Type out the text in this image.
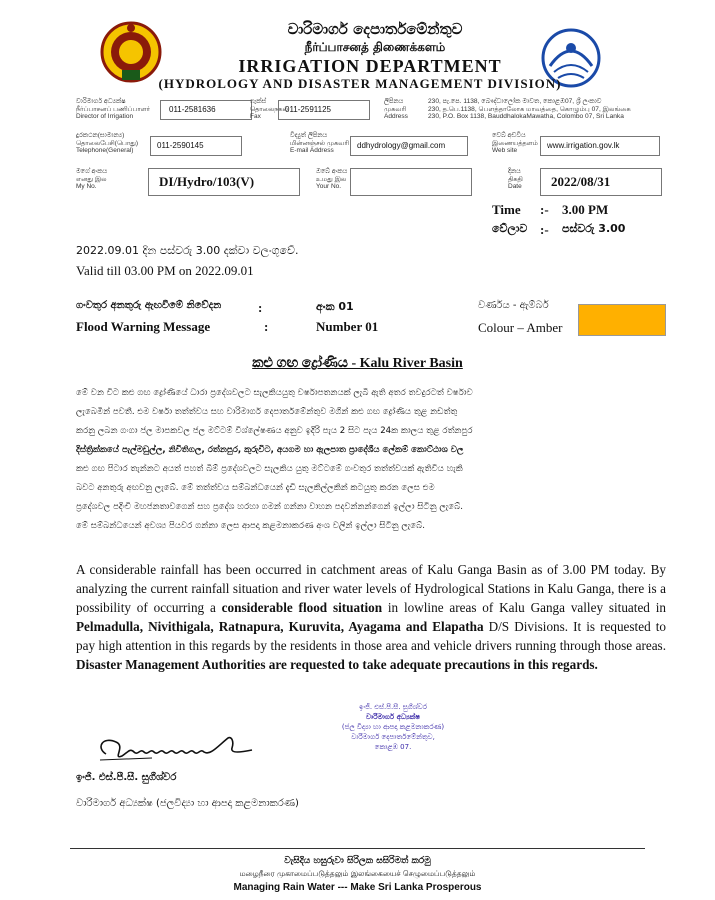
වාරිමාර්ග දෙපාර්තමේන්තුව
நீர்ப்பாசனத் திணைக்களம்
IRRIGATION DEPARTMENT
(HYDROLOGY AND DISASTER MANAGEMENT DIVISION)
වාරිමාර්ග අධ්‍යක්ෂ
நீர்ப்பாசனப் பணிப்பாளர்
Director of Irrigation
011-2581636
ෆැක්ස්
தொலைநகல்
Fax
011-2591125
ලිපිනය
முகவரி
Address
230, පැ.පෙ. 1138, බෞද්ධාලෝක මාවත, කොළඹ07, ශ්‍රී ලංකාව
230, த.பெ.1138, பௌத்தாலோக மாவத்தை, கொழும்பு 07, இலங்கை
230, P.O. Box 1138, BauddhalokaMawatha, Colombo 07, Sri Lanka
දුරකථන(සාමාන්‍ය)
தொலைபேசி(பொது)
Telephone(General)
011-2590145
විද්‍යුත් ලිපිනය
மின்னஞ்சல் முகவரி
E-mail Address
ddhydrology@gmail.com
වෙබ් අඩවිය
இணையத்தளம்
Web site
www.irrigation.gov.lk
මගේ අංකය
எனது இல
My No.	DI/Hydro/103(V)
ඔබේ අංකය
உமது இல
Your No.
දිනය
திகதி
Date	2022/08/31
Time :- 3.00 PM
වේලාව :- පස්වරු 3.00
2022.09.01 දින පස්වරු 3.00 දක්වා වලංගුවේ.
Valid till 03.00 PM on 2022.09.01
ගංවතුර අනතුරු ඇඟවීමේ නිවේදන	:	අංක 01	වර්ණය - ඇම්බර්
Flood Warning Message	:	Number 01	Colour – Amber
කළු ගඟ ද්‍රෝණිය - Kalu River Basin
මේ වන විට කළු ගඟ ද්‍රෝණියේ ධාරා ප්‍රදේශවලට සැලකියයුතු වර්ෂාපතනයක් ලැබී ඇති අතර තවදුරටත් වර්ෂාව
ලැබෙමින් පවතී. එම වර්ෂා තත්ත්වය සහ වාරිමාර්ග දෙපාර්තමේන්තුව මගින් කළු ගඟ ද්‍රෝණිය තුළ නඩත්තු
කරනු ලබන ගංගා ජල මාපකවල ජල මට්ටම් විශ්ලේෂණය අනුව ඉදිරි පැය 2 සිට පැය 24ක කාලය තුළ රත්නපුර
දිස්ත්‍රික්කයේ පැල්මඩුල්ල, නිවිතිගල, රත්නපුර, කුරුවිට, අයගම හා ඇලපාත ප්‍රාදේශීය ලේකම් කොට්ඨාශ වල
කළු ගඟ පිටාර තැන්නට අයත් පහත් බිම් ප්‍රදේශවලට සැලකිය යුතු මට්ටමේ ගංවතුර තත්ත්වයක් ඇතිවිය හැකි
බවට අනතුරු අඟවනු ලැබේ. මේ තත්ත්වය සම්බන්ධයෙන් දැඩි සැලකිල්ලකින් කටයුතු කරන ලෙස එම
ප්‍රදේශවල පදිංචි මහජනතාවගෙන් සහ ප්‍රදේශ හරහා ගමන් ගන්නා වාහන පදවන්නන්ගෙන් ඉල්ලා සිටිනු ලැබේ.
මේ සම්බන්ධයෙන් අවශ්‍ය පියවර ගන්නා ලෙස ආපදා කළමනාකරණ අංශ වලින් ඉල්ලා සිටිනු ලැබේ.
A considerable rainfall has been occurred in catchment areas of Kalu Ganga Basin as of 3.00 PM today. By analyzing the current rainfall situation and river water levels of Hydrological Stations in Kalu Ganga, there is a possibility of occurring a considerable flood situation in lowline areas of Kalu Ganga valley situated in Pelmadulla, Nivithigala, Ratnapura, Kuruvita, Ayagama and Elapatha D/S Divisions. It is requested to pay high attention in this regards by the residents in those area and vehicle drivers running through those areas. Disaster Management Authorities are requested to take adequate precautions in this regards.
ඉංජි. එස්.පී.සී. සුගීශ්වර
වාරිමාර්ග අධ්‍යක්ෂ
(ජල විද්‍යා හා ආපදා කළමනාකරණ)
වාරිමාර්ග දෙපාර්තමේන්තුව,
කොළඹ 07.
ඉංජි. එස්.පී.සී. සුගීශ්වර
වාරිමාර්ග අධ්‍යක්ෂ (ජලවිද්‍යා හා ආපදා කළමනාකරණ)
වැසිදිය හසුරුවා සිරිලක සසිරිමත් කරමු
மழைநீரை முகாமைப்படுத்தலும் இலங்கையைச் செழுமைப்படுத்தலும்
Managing Rain Water --- Make Sri Lanka Prosperous
